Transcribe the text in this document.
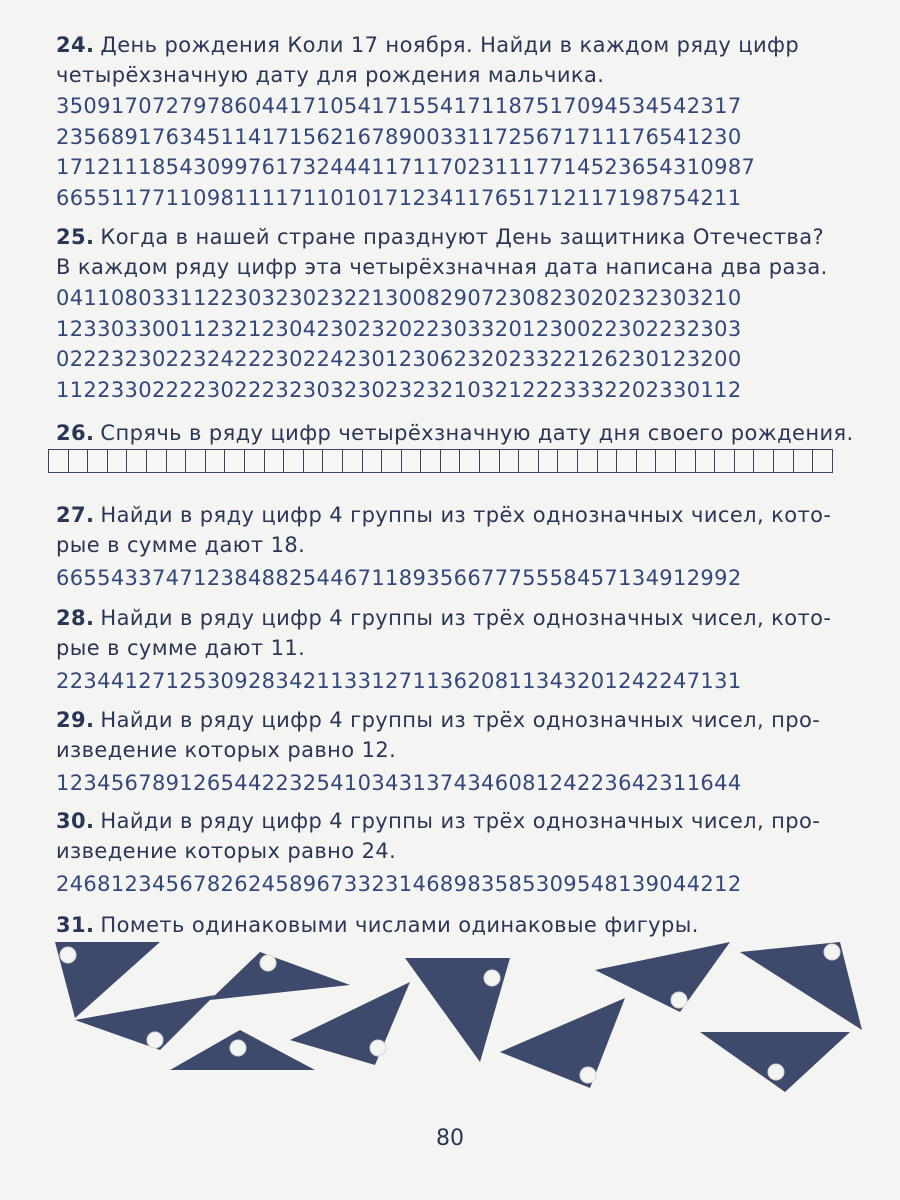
24. День рождения Коли 17 ноября. Найди в каждом ряду цифр
четырёхзначную дату для рождения мальчика.
35091707279786044171054171554171187517094534542317
23568917634511417156216789003311725671711176541230
171211185430997617324441171170231117714523654310987
66551177110981111711010171234117651712117198754211
25. Когда в нашей стране празднуют День защитника Отечества?
В каждом ряду цифр эта четырёхзначная дата написана два раза.
04110803311223032302322130082907230823020232303210
12330330011232123042302320223033201230022302232303
02223230223242223022423012306232023322126230123200
11223302222302223230323023232103212223332202330112
26. Спрячь в ряду цифр четырёхзначную дату дня своего рождения.
27. Найди в ряду цифр 4 группы из трёх однозначных чисел, кото-
рые в сумме дают 18.
66554337471238488254467118935667775558457134912992
28. Найди в ряду цифр 4 группы из трёх однозначных чисел, кото-
рые в сумме дают 11.
22344127125309283421133127113620811343201242247131
29. Найди в ряду цифр 4 группы из трёх однозначных чисел, про-
изведение которых равно 12.
12345678912654422325410343137434608124223642311644
30. Найди в ряду цифр 4 группы из трёх однозначных чисел, про-
изведение которых равно 24.
24681234567826245896733231468983585309548139044212
31. Пометь одинаковыми числами одинаковые фигуры.
80
